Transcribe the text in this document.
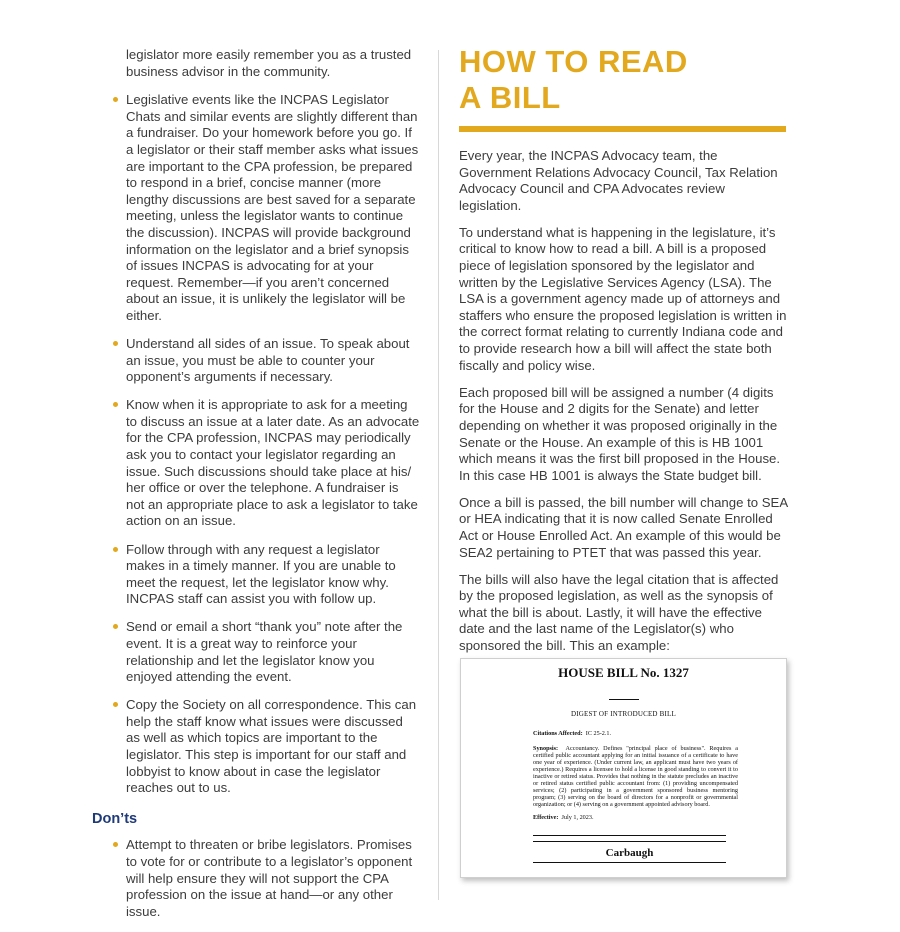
legislator more easily remember you as a trusted business advisor in the community.

Legislative events like the INCPAS Legislator Chats and similar events are slightly different than a fundraiser. Do your homework before you go. If a legislator or their staff member asks what issues are important to the CPA profession, be prepared to respond in a brief, concise manner (more lengthy discussions are best saved for a separate meeting, unless the legislator wants to continue the discussion). INCPAS will provide background information on the legislator and a brief synopsis of issues INCPAS is advocating for at your request. Remember—if you aren’t concerned about an issue, it is unlikely the legislator will be either.
Understand all sides of an issue. To speak about an issue, you must be able to counter your opponent’s arguments if necessary.
Know when it is appropriate to ask for a meeting to discuss an issue at a later date. As an advocate for the CPA profession, INCPAS may periodically ask you to contact your legislator regarding an issue. Such discussions should take place at his/ her office or over the telephone. A fundraiser is not an appropriate place to ask a legislator to take action on an issue.
Follow through with any request a legislator makes in a timely manner. If you are unable to meet the request, let the legislator know why. INCPAS staff can assist you with follow up.
Send or email a short “thank you” note after the event. It is a great way to reinforce your relationship and let the legislator know you enjoyed attending the event.
Copy the Society on all correspondence. This can help the staff know what issues were discussed as well as which topics are important to the legislator. This step is important for our staff and lobbyist to know about in case the legislator reaches out to us.

Don’ts

Attempt to threaten or bribe legislators. Promises to vote for or contribute to a legislator’s opponent will help ensure they will not support the CPA profession on the issue at hand—or any other issue.
HOW TO READ
A BILL

Every year, the INCPAS Advocacy team, the Government Relations Advocacy Council, Tax Relation Advocacy Council and CPA Advocates review legislation.

To understand what is happening in the legislature, it’s critical to know how to read a bill. A bill is a proposed piece of legislation sponsored by the legislator and written by the Legislative Services Agency (LSA). The LSA is a government agency made up of attorneys and staffers who ensure the proposed legislation is written in the correct format relating to currently Indiana code and to provide research how a bill will affect the state both fiscally and policy wise.

Each proposed bill will be assigned a number (4 digits for the House and 2 digits for the Senate) and letter depending on whether it was proposed originally in the Senate or the House. An example of this is HB 1001 which means it was the first bill proposed in the House. In this case HB 1001 is always the State budget bill.

Once a bill is passed, the bill number will change to SEA or HEA indicating that it is now called Senate Enrolled Act or House Enrolled Act. An example of this would be SEA2 pertaining to PTET that was passed this year.

The bills will also have the legal citation that is affected by the proposed legislation, as well as the synopsis of what the bill is about. Lastly, it will have the effective date and the last name of the Legislator(s) who sponsored the bill. This an example:

HOUSE BILL No. 1327
DIGEST OF INTRODUCED BILL
Citations Affected: IC 25-2.1.
Synopsis: Accountancy. Defines "principal place of business". Requires a certified public accountant applying for an initial issuance of a certificate to have one year of experience. (Under current law, an applicant must have two years of experience.) Requires a licensee to hold a license in good standing to convert it to inactive or retired status. Provides that nothing in the statute precludes an inactive or retired status certified public accountant from: (1) providing uncompensated services; (2) participating in a government sponsored business mentoring program; (3) serving on the board of directors for a nonprofit or governmental organization; or (4) serving on a government appointed advisory board.
Effective: July 1, 2023.
Carbaugh
